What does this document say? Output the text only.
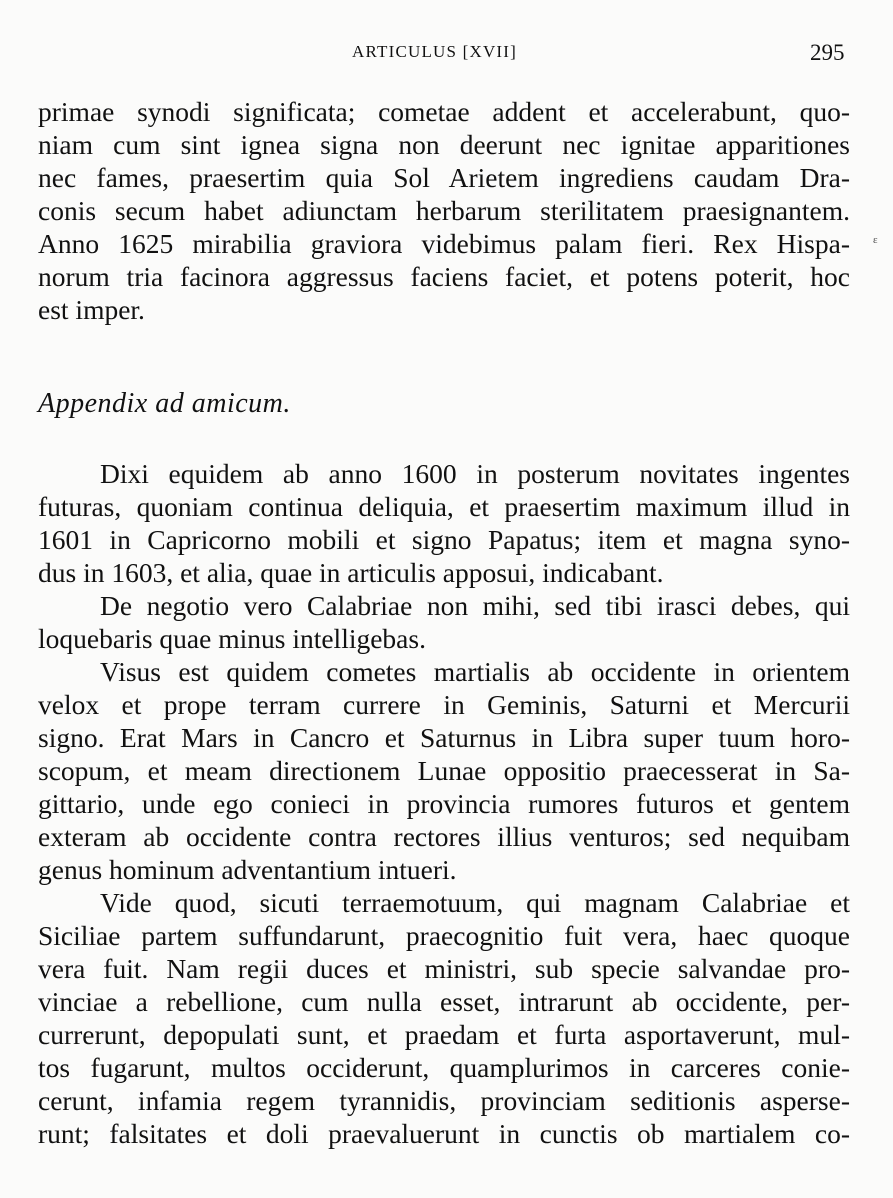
ARTICULUS [XVII]	295
ɛ
primae synodi significata; cometae addent et accelerabunt, quo-
niam cum sint ignea signa non deerunt nec ignitae apparitiones
nec fames, praesertim quia Sol Arietem ingrediens caudam Dra-
conis secum habet adiunctam herbarum sterilitatem praesignantem.
Anno 1625 mirabilia graviora videbimus palam fieri. Rex Hispa-
norum tria facinora aggressus faciens faciet, et potens poterit, hoc
est imper.
Appendix ad amicum.
Dixi equidem ab anno 1600 in posterum novitates ingentes
futuras, quoniam continua deliquia, et praesertim maximum illud in
1601 in Capricorno mobili et signo Papatus; item et magna syno-
dus in 1603, et alia, quae in articulis apposui, indicabant.
De negotio vero Calabriae non mihi, sed tibi irasci debes, qui
loquebaris quae minus intelligebas.
Visus est quidem cometes martialis ab occidente in orientem
velox et prope terram currere in Geminis, Saturni et Mercurii
signo. Erat Mars in Cancro et Saturnus in Libra super tuum horo-
scopum, et meam directionem Lunae oppositio praecesserat in Sa-
gittario, unde ego conieci in provincia rumores futuros et gentem
exteram ab occidente contra rectores illius venturos; sed nequibam
genus hominum adventantium intueri.
Vide quod, sicuti terraemotuum, qui magnam Calabriae et
Siciliae partem suffundarunt, praecognitio fuit vera, haec quoque
vera fuit. Nam regii duces et ministri, sub specie salvandae pro-
vinciae a rebellione, cum nulla esset, intrarunt ab occidente, per-
currerunt, depopulati sunt, et praedam et furta asportaverunt, mul-
tos fugarunt, multos occiderunt, quamplurimos in carceres conie-
cerunt, infamia regem tyrannidis, provinciam seditionis asperse-
runt; falsitates et doli praevaluerunt in cunctis ob martialem co-
